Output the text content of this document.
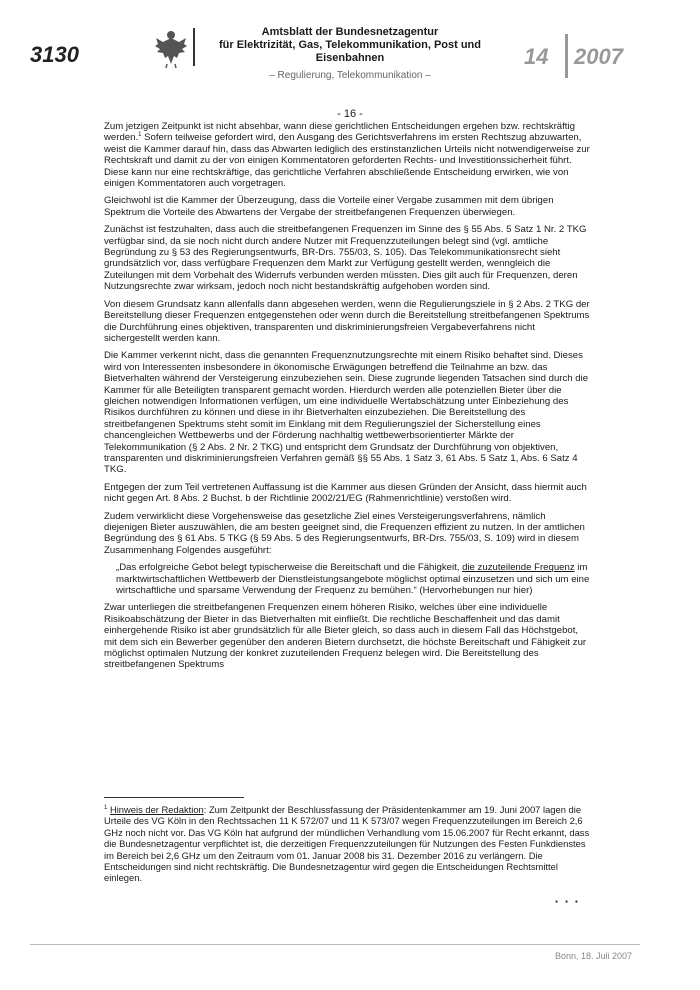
3130
Amtsblatt der Bundesnetzagentur
für Elektrizität, Gas, Telekommunikation, Post und Eisenbahnen
– Regulierung, Telekommunikation –
14 2007
- 16 -

Zum jetzigen Zeitpunkt ist nicht absehbar, wann diese gerichtlichen Entscheidungen ergehen bzw. rechtskräftig werden.$^1$ Sofern teilweise gefordert wird, den Ausgang des Gerichtsverfahrens im ersten Rechtszug abzuwarten, weist die Kammer darauf hin, dass das Abwarten lediglich des erstinstanzlichen Urteils nicht notwendigerweise zur Rechtskraft und damit zu der von einigen Kommentatoren geforderten Rechts- und Investitionssicherheit führt. Diese kann nur eine rechtskräftige, das gerichtliche Verfahren abschließende Entscheidung erwirken, wie von einigen Kommentatoren auch vorgetragen.

Gleichwohl ist die Kammer der Überzeugung, dass die Vorteile einer Vergabe zusammen mit dem übrigen Spektrum die Vorteile des Abwartens der Vergabe der streitbefangenen Frequenzen überwiegen.

Zunächst ist festzuhalten, dass auch die streitbefangenen Frequenzen im Sinne des § 55 Abs. 5 Satz 1 Nr. 2 TKG verfügbar sind, da sie noch nicht durch andere Nutzer mit Frequenzzuteilungen belegt sind (vgl. amtliche Begründung zu § 53 des Regierungsentwurfs, BR-Drs. 755/03, S. 105). Das Telekommunikationsrecht sieht grundsätzlich vor, dass verfügbare Frequenzen dem Markt zur Verfügung gestellt werden, wenngleich die Zuteilungen mit dem Vorbehalt des Widerrufs verbunden werden müssten. Dies gilt auch für Frequenzen, deren Nutzungsrechte zwar wirksam, jedoch noch nicht bestandskräftig aufgehoben worden sind.

Von diesem Grundsatz kann allenfalls dann abgesehen werden, wenn die Regulierungsziele in § 2 Abs. 2 TKG der Bereitstellung dieser Frequenzen entgegenstehen oder wenn durch die Bereitstellung streitbefangenen Spektrums die Durchführung eines objektiven, transparenten und diskriminierungsfreien Vergabeverfahrens nicht sichergestellt werden kann.

Die Kammer verkennt nicht, dass die genannten Frequenznutzungsrechte mit einem Risiko behaftet sind. Dieses wird von Interessenten insbesondere in ökonomische Erwägungen betreffend die Teilnahme an bzw. das Bietverhalten während der Versteigerung einzubeziehen sein. Diese zugrunde liegenden Tatsachen sind durch die Kammer für alle Beteiligten transparent gemacht worden. Hierdurch werden alle potenziellen Bieter über die gleichen notwendigen Informationen verfügen, um eine individuelle Wertabschätzung unter Einbeziehung des Risikos durchführen zu können und diese in ihr Bietverhalten einzubeziehen. Die Bereitstellung des streitbefangenen Spektrums steht somit im Einklang mit dem Regulierungsziel der Sicherstellung eines chancengleichen Wettbewerbs und der Förderung nachhaltig wettbewerbsorientierter Märkte der Telekommunikation (§ 2 Abs. 2 Nr. 2 TKG) und entspricht dem Grundsatz der Durchführung von objektiven, transparenten und diskriminierungsfreien Verfahren gemäß §§ 55 Abs. 1 Satz 3, 61 Abs. 5 Satz 1, Abs. 6 Satz 4 TKG.

Entgegen der zum Teil vertretenen Auffassung ist die Kammer aus diesen Gründen der Ansicht, dass hiermit auch nicht gegen Art. 8 Abs. 2 Buchst. b der Richtlinie 2002/21/EG (Rahmenrichtlinie) verstoßen wird.

Zudem verwirklicht diese Vorgehensweise das gesetzliche Ziel eines Versteigerungsverfahrens, nämlich diejenigen Bieter auszuwählen, die am besten geeignet sind, die Frequenzen effizient zu nutzen. In der amtlichen Begründung des § 61 Abs. 5 TKG (§ 59 Abs. 5 des Regierungsentwurfs, BR-Drs. 755/03, S. 109) wird in diesem Zusammenhang Folgendes ausgeführt:

„Das erfolgreiche Gebot belegt typischerweise die Bereitschaft und die Fähigkeit, die zuzuteilende Frequenz im marktwirtschaftlichen Wettbewerb der Dienstleistungsangebote möglichst optimal einzusetzen und sich um eine wirtschaftliche und sparsame Verwendung der Frequenz zu bemühen.“ (Hervorhebungen nur hier)

Zwar unterliegen die streitbefangenen Frequenzen einem höheren Risiko, welches über eine individuelle Risikoabschätzung der Bieter in das Bietverhalten mit einfließt. Die rechtliche Beschaffenheit und das damit einhergehende Risiko ist aber grundsätzlich für alle Bieter gleich, so dass auch in diesem Fall das Höchstgebot, mit dem sich ein Bewerber gegenüber den anderen Bietern durchsetzt, die höchste Bereitschaft und Fähigkeit zur möglichst optimalen Nutzung der konkret zuzuteilenden Frequenz belegen wird. Die Bereitstellung des streitbefangenen Spektrums

$^1$ Hinweis der Redaktion: Zum Zeitpunkt der Beschlussfassung der Präsidentenkammer am 19. Juni 2007 lagen die Urteile des VG Köln in den Rechtssachen 11 K 572/07 und 11 K 573/07 wegen Frequenzzuteilungen im Bereich 2,6 GHz noch nicht vor. Das VG Köln hat aufgrund der mündlichen Verhandlung vom 15.06.2007 für Recht erkannt, dass die Bundesnetzagentur verpflichtet ist, die derzeitigen Frequenzzuteilungen für Nutzungen des Festen Funkdienstes im Bereich bei 2,6 GHz um den Zeitraum vom 01. Januar 2008 bis 31. Dezember 2016 zu verlängern. Die Entscheidungen sind nicht rechtskräftig. Die Bundesnetzagentur wird gegen die Entscheidungen Rechtsmittel einlegen.
· · ·
Bonn, 18. Juli 2007
